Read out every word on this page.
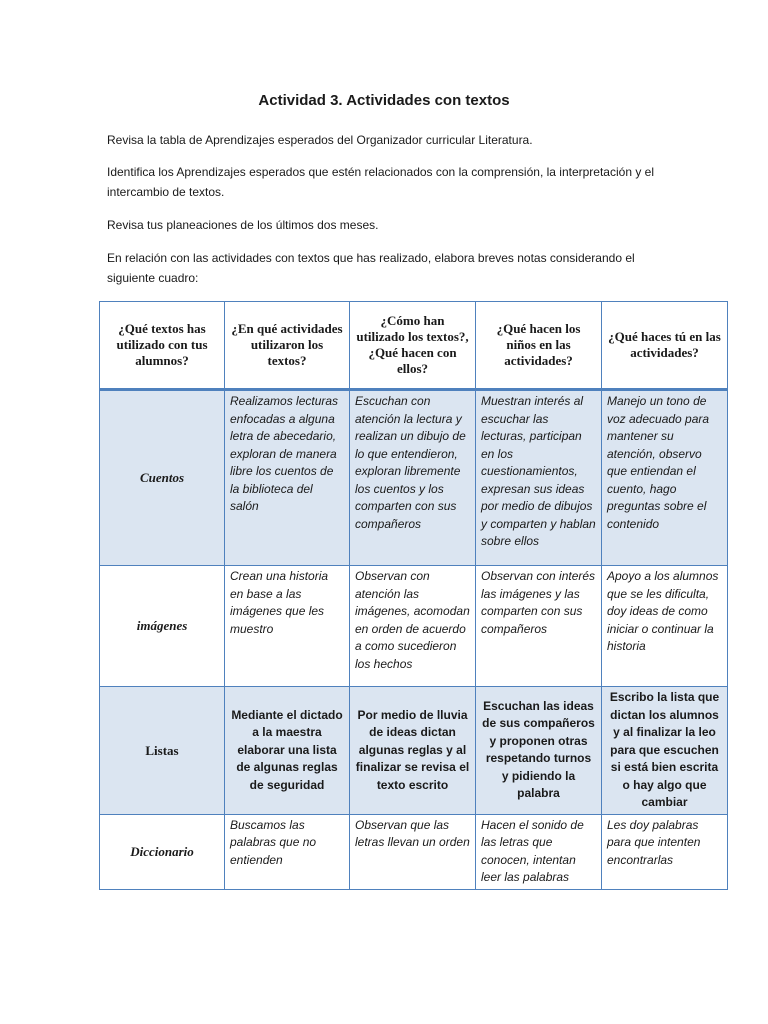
Actividad 3. Actividades con textos

Revisa la tabla de Aprendizajes esperados del Organizador curricular Literatura.

Identifica los Aprendizajes esperados que estén relacionados con la comprensión, la interpretación y el intercambio de textos.

Revisa tus planeaciones de los últimos dos meses.

En relación con las actividades con textos que has realizado, elabora breves notas considerando el siguiente cuadro:

¿Qué textos has utilizado con tus alumnos?	¿En qué actividades utilizaron los textos?	¿Cómo han utilizado los textos?, ¿Qué hacen con ellos?	¿Qué hacen los niños en las actividades?	¿Qué haces tú en las actividades?
Cuentos	Realizamos lecturas enfocadas a alguna letra de abecedario, exploran de manera libre los cuentos de la biblioteca del salón	Escuchan con atención la lectura y realizan un dibujo de lo que entendieron, exploran libremente los cuentos y los comparten con sus compañeros	Muestran interés al escuchar las lecturas, participan en los cuestionamientos, expresan sus ideas por medio de dibujos y comparten y hablan sobre ellos	Manejo un tono de voz adecuado para mantener su atención, observo que entiendan el cuento, hago preguntas sobre el contenido
imágenes	Crean una historia en base a las imágenes que les muestro	Observan con atención las imágenes, acomodan en orden de acuerdo a como sucedieron los hechos	Observan con interés las imágenes y las comparten con sus compañeros	Apoyo a los alumnos que se les dificulta, doy ideas de como iniciar o continuar la historia
Listas	Mediante el dictado a la maestra elaborar una lista de algunas reglas de seguridad	Por medio de lluvia de ideas dictan algunas reglas y al finalizar se revisa el texto escrito	Escuchan las ideas de sus compañeros y proponen otras respetando turnos y pidiendo la palabra	Escribo la lista que dictan los alumnos y al finalizar la leo para que escuchen si está bien escrita o hay algo que cambiar
Diccionario	Buscamos las palabras que no entienden	Observan que las letras llevan un orden	Hacen el sonido de las letras que conocen, intentan leer las palabras	Les doy palabras para que intenten encontrarlas
